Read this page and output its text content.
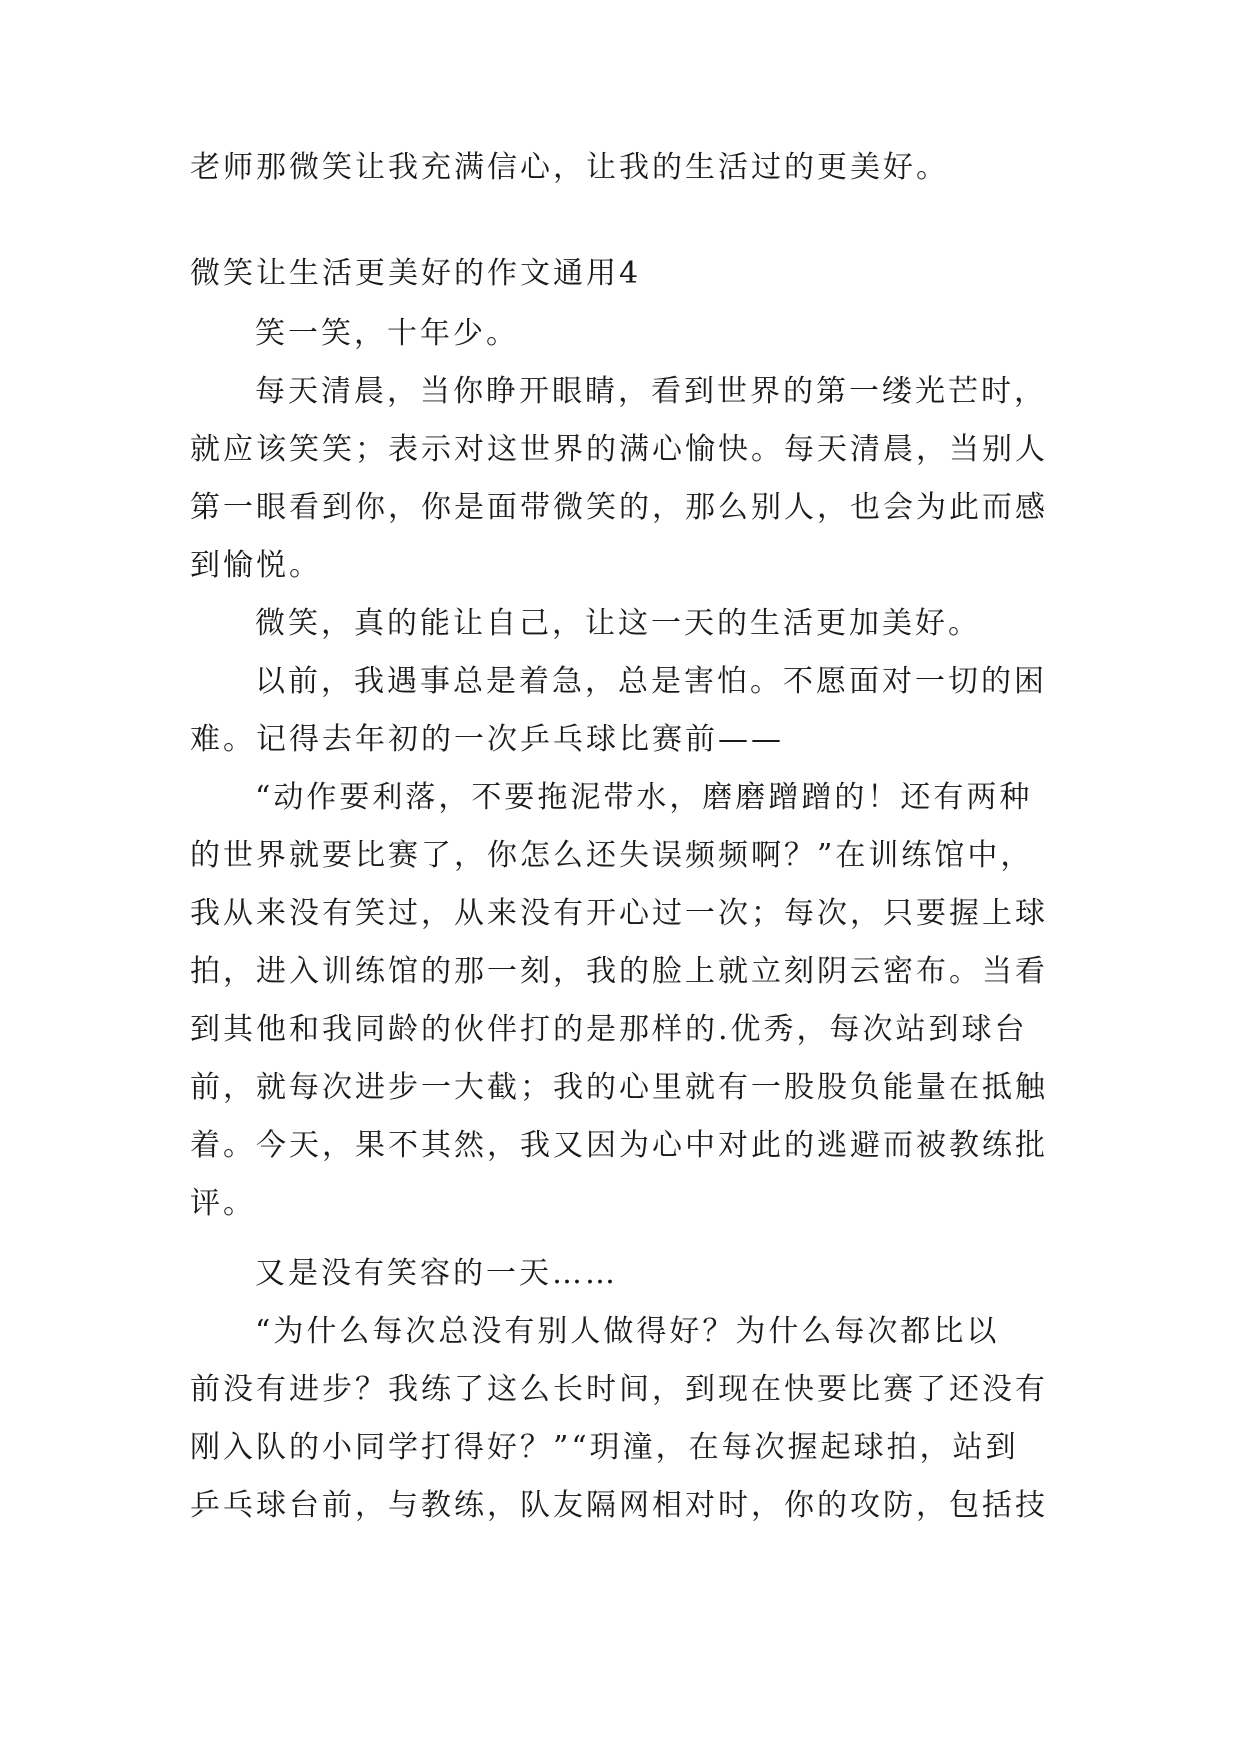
老师那微笑让我充满信心，让我的生活过的更美好。
微笑让生活更美好的作文通用4
笑一笑，十年少。
每天清晨，当你睁开眼睛，看到世界的第一缕光芒时，
就应该笑笑；表示对这世界的满心愉快。每天清晨，当别人
第一眼看到你，你是面带微笑的，那么别人，也会为此而感
到愉悦。
微笑，真的能让自己，让这一天的生活更加美好。
以前，我遇事总是着急，总是害怕。不愿面对一切的困
难。记得去年初的一次乒乓球比赛前——
“动作要利落，不要拖泥带水，磨磨蹭蹭的！还有两种
的世界就要比赛了，你怎么还失误频频啊？”在训练馆中，
我从来没有笑过，从来没有开心过一次；每次，只要握上球
拍，进入训练馆的那一刻，我的脸上就立刻阴云密布。当看
到其他和我同龄的伙伴打的是那样的.优秀，每次站到球台
前，就每次进步一大截；我的心里就有一股股负能量在抵触
着。今天，果不其然，我又因为心中对此的逃避而被教练批
评。
又是没有笑容的一天……
“为什么每次总没有别人做得好？为什么每次都比以
前没有进步？我练了这么长时间，到现在快要比赛了还没有
刚入队的小同学打得好？”“玥潼，在每次握起球拍，站到
乒乓球台前，与教练，队友隔网相对时，你的攻防，包括技
